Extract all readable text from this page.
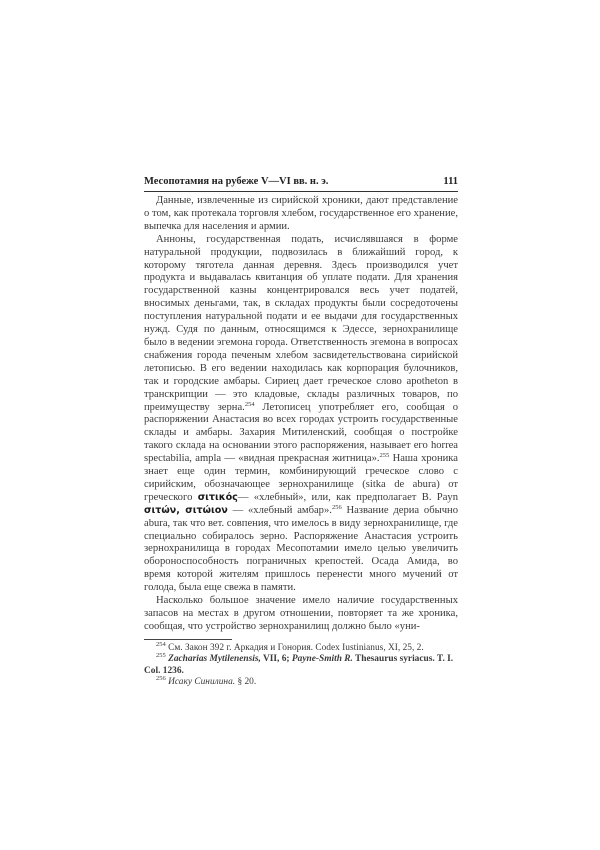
Месопотамия на рубеже V—VI вв. н. э.	111

Данные, извлеченные из сирийской хроники, дают представление о том, как протекала торговля хлебом, государственное его хранение, выпечка для населения и армии.

Анноны, государственная подать, исчислявшаяся в форме натуральной продукции, подвозилась в ближайший город, к которому тяготела данная деревня. Здесь производился учет продукта и выдавалась квитанция об уплате подати. Для хранения государственной казны концентрировался весь учет податей, вносимых деньгами, так, в складах продукты были сосредоточены поступления натуральной подати и ее выдачи для государственных нужд. Судя по данным, относящимся к Эдессе, зернохранилище было в ведении эгемона города. Ответственность эгемона в вопросах снабжения города печеным хлебом засвидетельствована сирийской летописью. В его ведении находилась как корпорация булочников, так и городские амбары. Сириец дает греческое слово apotheton в транскрипции — это кладовые, склады различных товаров, по преимуществу зерна.$^{254}$ Летописец употребляет его, сообщая о распоряжении Анастасия во всех городах устроить государственные склады и амбары. Захария Митиленский, сообщая о постройке такого склада на основании этого распоряжения, называет его horrea spectabilia, ampla — «видная прекрасная житница».$^{255}$ Наша хроника знает еще один термин, комбинирующий греческое слово с сирийским, обозначающее зернохранилище (sitka de abura) от греческого σιτικός— «хлебный», или, как предполагает В. Payn σιτών, σιτώιον — «хлебный амбар».$^{256}$ Название дериа обычно abura, так что вет. совпения, что имелось в виду зернохранилище, где специально собиралось зерно. Распоряжение Анастасия устроить зернохранилища в городах Месопотамии имело целью увеличить обороноспособность пограничных крепостей. Осада Амида, во время которой жителям пришлось перенести много мучений от голода, была еще свежа в памяти.

Насколько большое значение имело наличие государственных запасов на местах в другом отношении, повторяет та же хроника, сообщая, что устройство зернохранилищ должно было «уни-

$^{254}$ См. Закон 392 г. Аркадия и Гонория. Codex Iustinianus, XI, 25, 2.

$^{255}$ Zacharias Mytilenensis, VII, 6; Payne-Smith R. Thesaurus syriacus. T. I. Col. 1236.

$^{256}$ Исаку Синилина. § 20.
